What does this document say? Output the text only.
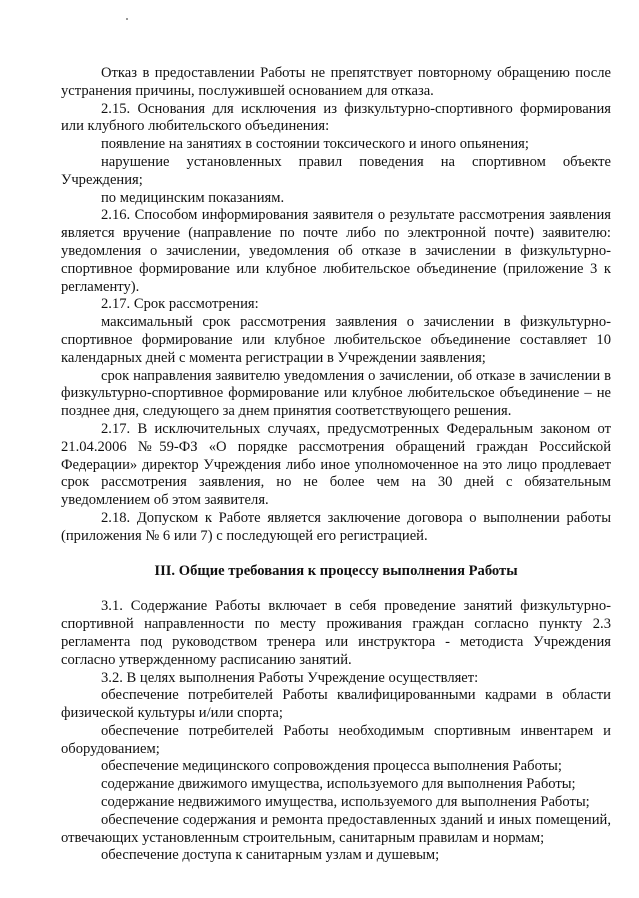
Отказ в предоставлении Работы не препятствует повторному обращению после устранения причины, послужившей основанием для отказа.

2.15. Основания для исключения из физкультурно-спортивного формирования или клубного любительского объединения:

появление на занятиях в состоянии токсического и иного опьянения;

нарушение установленных правил поведения на спортивном объекте Учреждения;

по медицинским показаниям.

2.16. Способом информирования заявителя о результате рассмотрения заявления является вручение (направление по почте либо по электронной почте) заявителю: уведомления о зачислении, уведомления об отказе в зачислении в физкультурно-спортивное формирование или клубное любительское объединение (приложение 3 к регламенту).

2.17. Срок рассмотрения:

максимальный срок рассмотрения заявления о зачислении в физкультурно-спортивное формирование или клубное любительское объединение составляет 10 календарных дней с момента регистрации в Учреждении заявления;

срок направления заявителю уведомления о зачислении, об отказе в зачислении в физкультурно-спортивное формирование или клубное любительское объединение – не позднее дня, следующего за днем принятия соответствующего решения.

2.17. В исключительных случаях, предусмотренных Федеральным законом от 21.04.2006 №59-ФЗ «О порядке рассмотрения обращений граждан Российской Федерации» директор Учреждения либо иное уполномоченное на это лицо продлевает срок рассмотрения заявления, но не более чем на 30 дней с обязательным уведомлением об этом заявителя.

2.18. Допуском к Работе является заключение договора о выполнении работы (приложения № 6 или 7) с последующей его регистрацией.

III. Общие требования к процессу выполнения Работы

3.1. Содержание Работы включает в себя проведение занятий физкультурно-спортивной направленности по месту проживания граждан согласно пункту 2.3 регламента под руководством тренера или инструктора - методиста Учреждения согласно утвержденному расписанию занятий.

3.2. В целях выполнения Работы Учреждение осуществляет:

обеспечение потребителей Работы квалифицированными кадрами в области физической культуры и/или спорта;

обеспечение потребителей Работы необходимым спортивным инвентарем и оборудованием;

обеспечение медицинского сопровождения процесса выполнения Работы;

содержание движимого имущества, используемого для выполнения Работы;

содержание недвижимого имущества, используемого для выполнения Работы;

обеспечение содержания и ремонта предоставленных зданий и иных помещений, отвечающих установленным строительным, санитарным правилам и нормам;

обеспечение доступа к санитарным узлам и душевым;
